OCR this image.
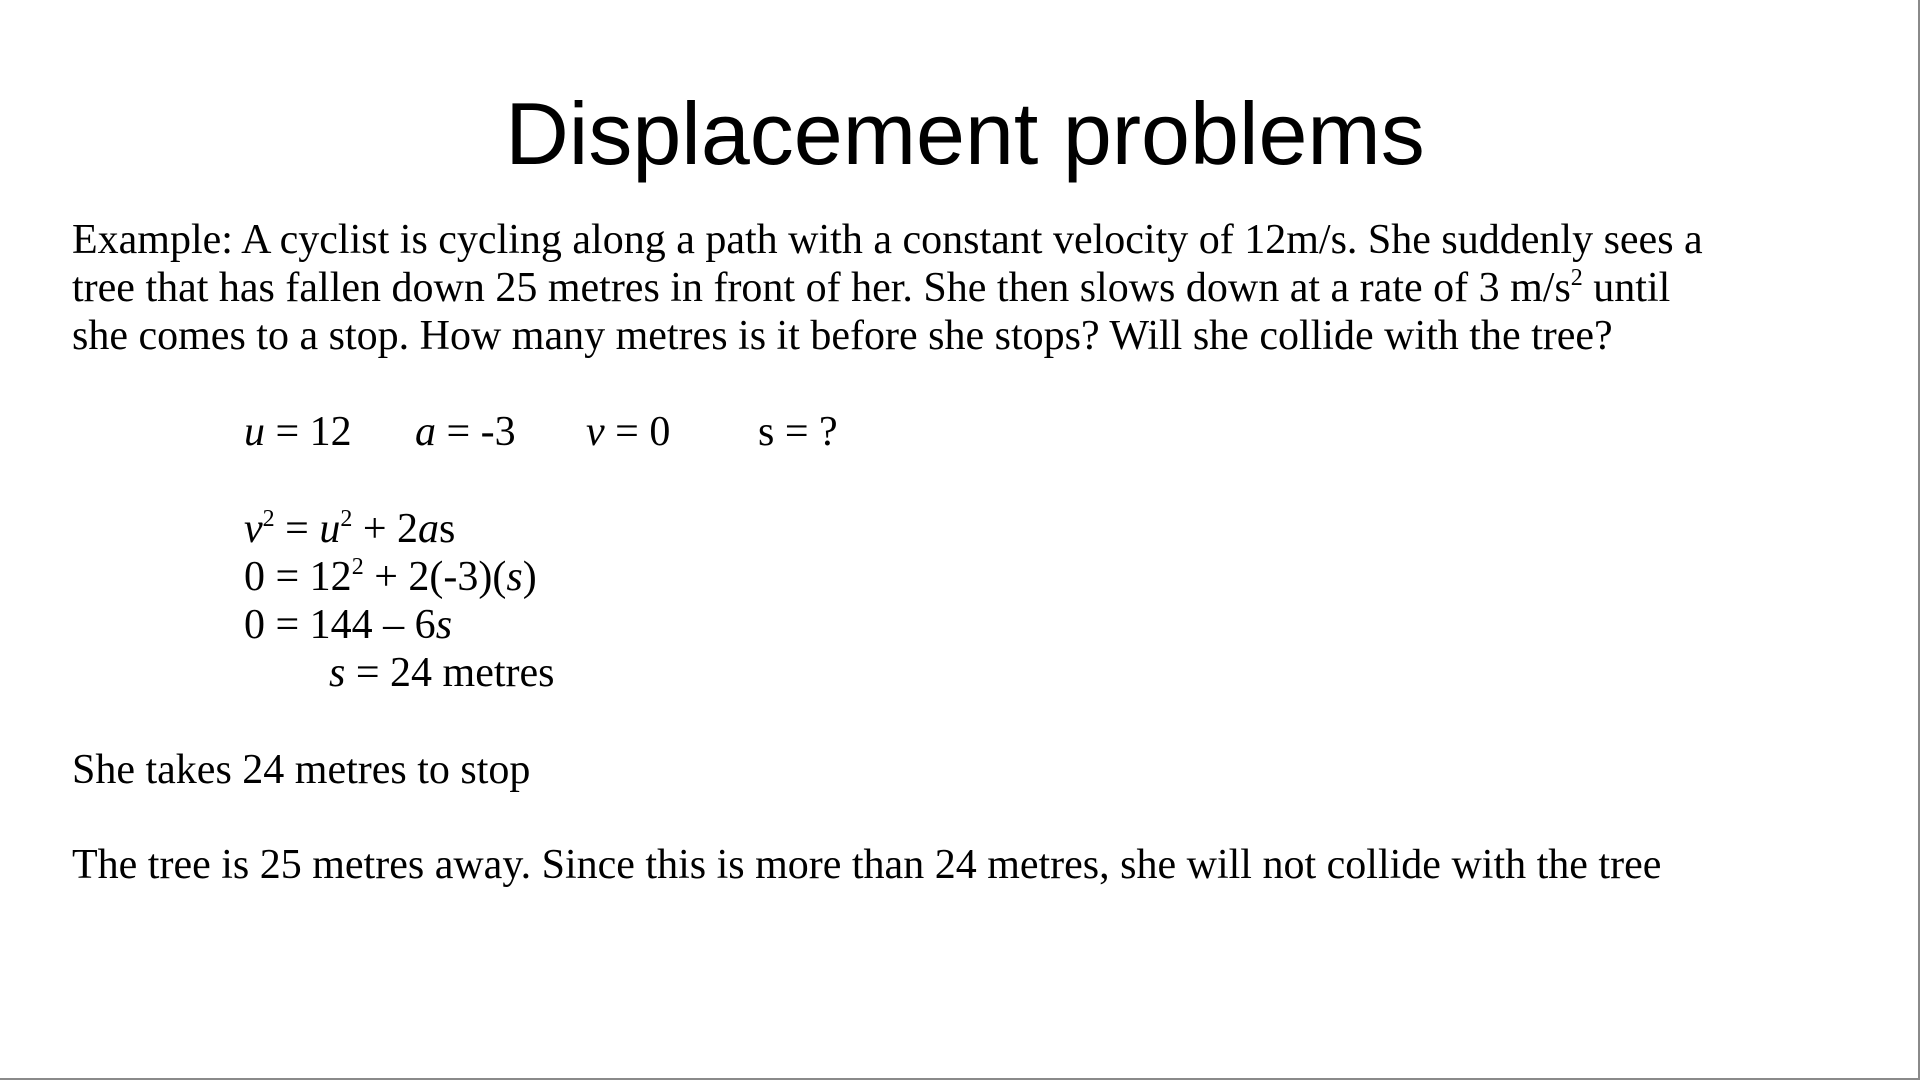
Displacement problems
Example: A cyclist is cycling along a path with a constant velocity of 12m/s. She suddenly sees a
tree that has fallen down 25 metres in front of her. She then slows down at a rate of 3 $m/s^2$ until
she comes to a stop. How many metres is it before she stops? Will she collide with the tree?
u = 12 a = -3 v = 0 s = ?
$v^2 = u^2 + 2as$
$0 = 12^2 + 2(-3)(s)$
0 = 144 – 6s
s = 24 metres
She takes 24 metres to stop
The tree is 25 metres away. Since this is more than 24 metres, she will not collide with the tree
